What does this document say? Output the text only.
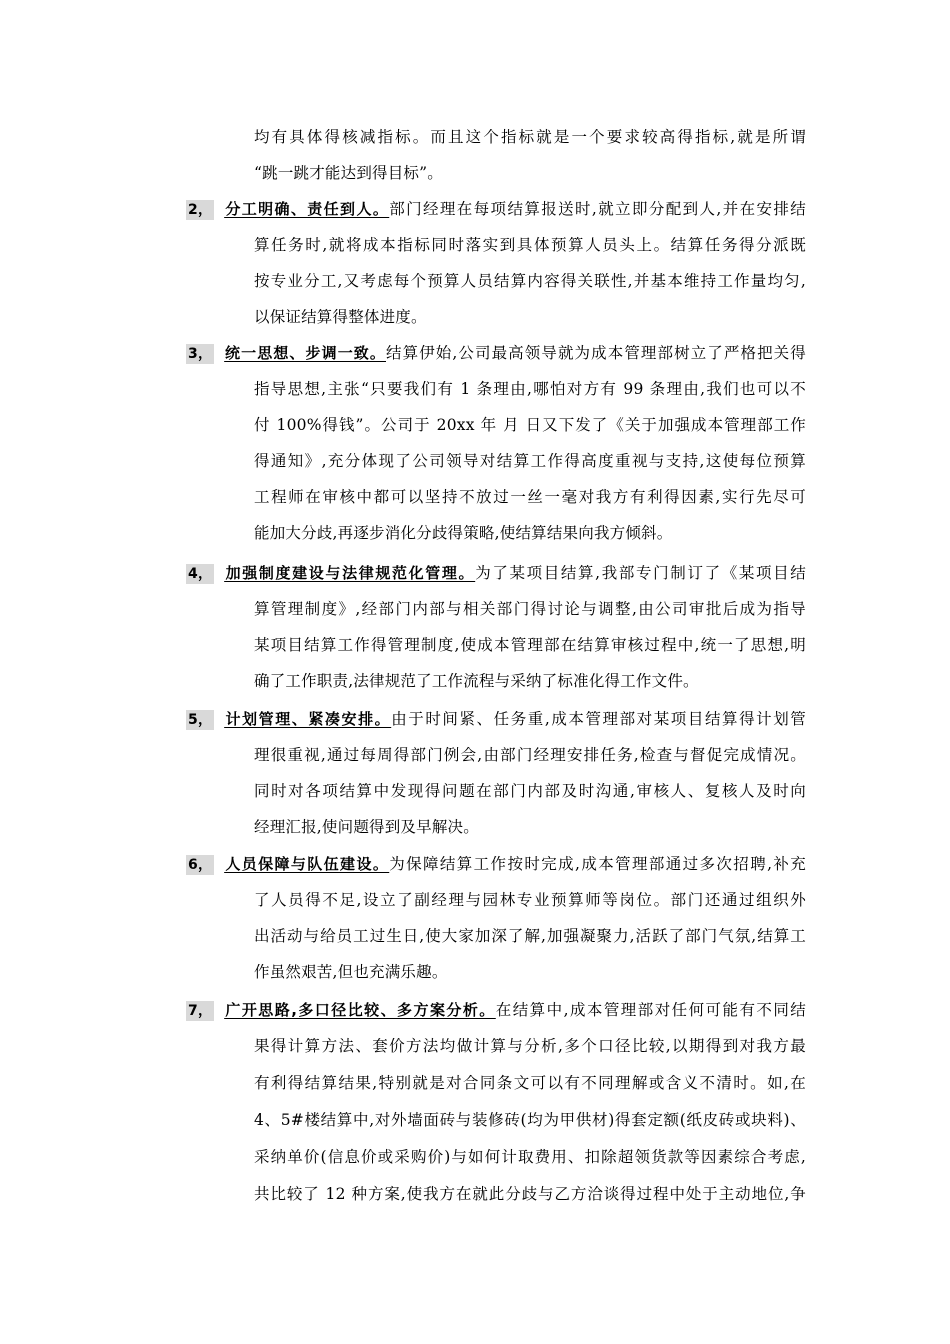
均有具体得核减指标。而且这个指标就是一个要求较高得指标,就是所谓
“跳一跳才能达到得目标”。
2， 分工明确、责任到人。部门经理在每项结算报送时,就立即分配到人,并在安排结
算任务时,就将成本指标同时落实到具体预算人员头上。结算任务得分派既
按专业分工,又考虑每个预算人员结算内容得关联性,并基本维持工作量均匀,
以保证结算得整体进度。
3， 统一思想、步调一致。结算伊始,公司最高领导就为成本管理部树立了严格把关得
指导思想,主张“只要我们有 1 条理由,哪怕对方有 99 条理由,我们也可以不
付 100%得钱”。公司于 20xx 年 月 日又下发了《关于加强成本管理部工作
得通知》,充分体现了公司领导对结算工作得高度重视与支持,这使每位预算
工程师在审核中都可以坚持不放过一丝一毫对我方有利得因素,实行先尽可
能加大分歧,再逐步消化分歧得策略,使结算结果向我方倾斜。
4， 加强制度建设与法律规范化管理。为了某项目结算,我部专门制订了《某项目结
算管理制度》,经部门内部与相关部门得讨论与调整,由公司审批后成为指导
某项目结算工作得管理制度,使成本管理部在结算审核过程中,统一了思想,明
确了工作职责,法律规范了工作流程与采纳了标准化得工作文件。
5， 计划管理、紧凑安排。由于时间紧、任务重,成本管理部对某项目结算得计划管
理很重视,通过每周得部门例会,由部门经理安排任务,检查与督促完成情况。
同时对各项结算中发现得问题在部门内部及时沟通,审核人、复核人及时向
经理汇报,使问题得到及早解决。
6， 人员保障与队伍建设。为保障结算工作按时完成,成本管理部通过多次招聘,补充
了人员得不足,设立了副经理与园林专业预算师等岗位。部门还通过组织外
出活动与给员工过生日,使大家加深了解,加强凝聚力,活跃了部门气氛,结算工
作虽然艰苦,但也充满乐趣。
7， 广开思路,多口径比较、多方案分析。在结算中,成本管理部对任何可能有不同结
果得计算方法、套价方法均做计算与分析,多个口径比较,以期得到对我方最
有利得结算结果,特别就是对合同条文可以有不同理解或含义不清时。如,在
4、5#楼结算中,对外墙面砖与装修砖(均为甲供材)得套定额(纸皮砖或块料)、
采纳单价(信息价或采购价)与如何计取费用、扣除超领货款等因素综合考虑,
共比较了 12 种方案,使我方在就此分歧与乙方洽谈得过程中处于主动地位,争
